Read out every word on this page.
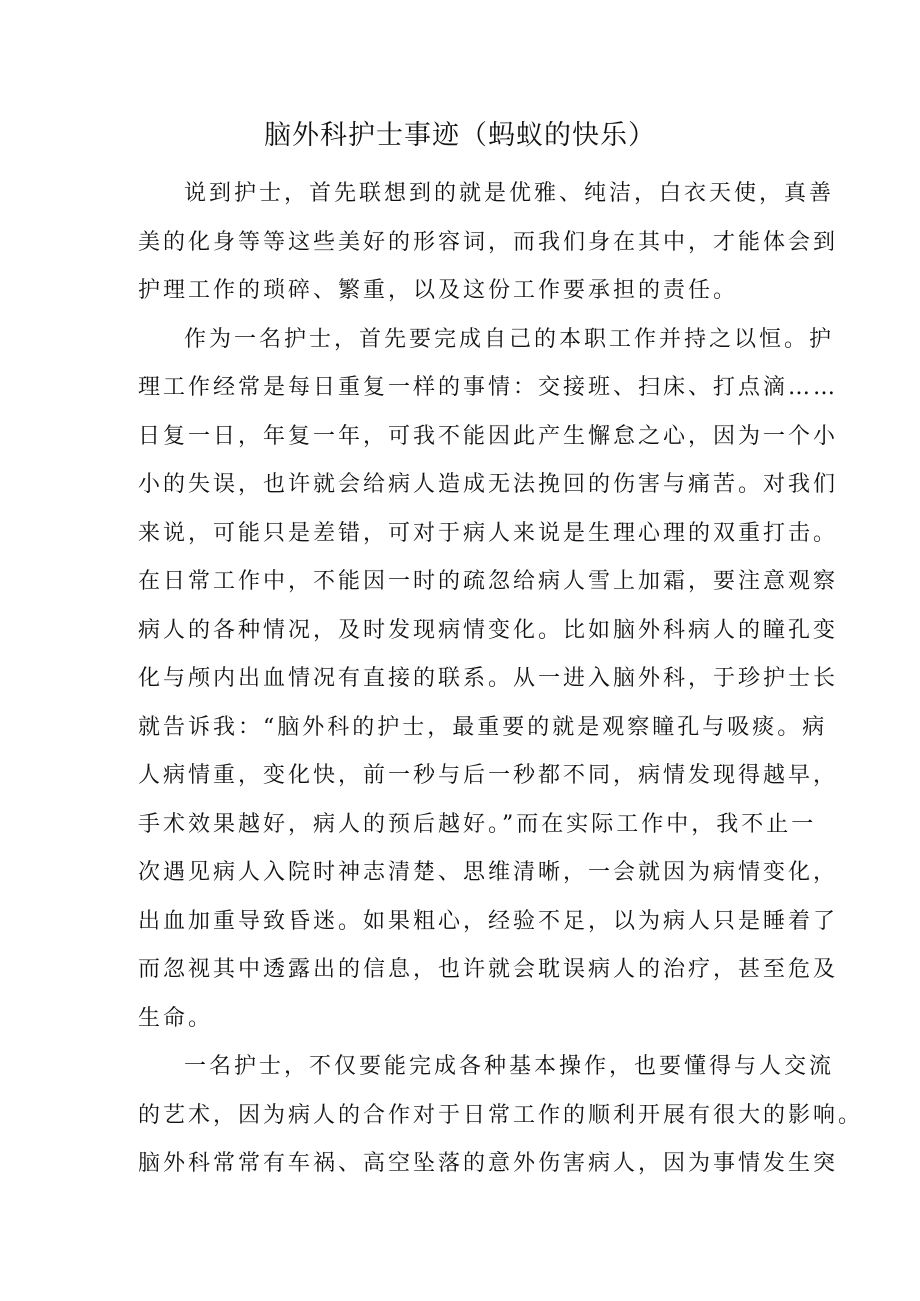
脑外科护士事迹（蚂蚁的快乐）
说到护士，首先联想到的就是优雅、纯洁，白衣天使，真善
美的化身等等这些美好的形容词，而我们身在其中，才能体会到
护理工作的琐碎、繁重，以及这份工作要承担的责任。
作为一名护士，首先要完成自己的本职工作并持之以恒。护
理工作经常是每日重复一样的事情：交接班、扫床、打点滴……
日复一日，年复一年，可我不能因此产生懈怠之心，因为一个小
小的失误，也许就会给病人造成无法挽回的伤害与痛苦。对我们
来说，可能只是差错，可对于病人来说是生理心理的双重打击。
在日常工作中，不能因一时的疏忽给病人雪上加霜，要注意观察
病人的各种情况，及时发现病情变化。比如脑外科病人的瞳孔变
化与颅内出血情况有直接的联系。从一进入脑外科，于珍护士长
就告诉我：“脑外科的护士，最重要的就是观察瞳孔与吸痰。病
人病情重，变化快，前一秒与后一秒都不同，病情发现得越早，
手术效果越好，病人的预后越好。”而在实际工作中，我不止一
次遇见病人入院时神志清楚、思维清晰，一会就因为病情变化，
出血加重导致昏迷。如果粗心，经验不足，以为病人只是睡着了
而忽视其中透露出的信息，也许就会耽误病人的治疗，甚至危及
生命。
一名护士，不仅要能完成各种基本操作，也要懂得与人交流
的艺术，因为病人的合作对于日常工作的顺利开展有很大的影响。
脑外科常常有车祸、高空坠落的意外伤害病人，因为事情发生突
